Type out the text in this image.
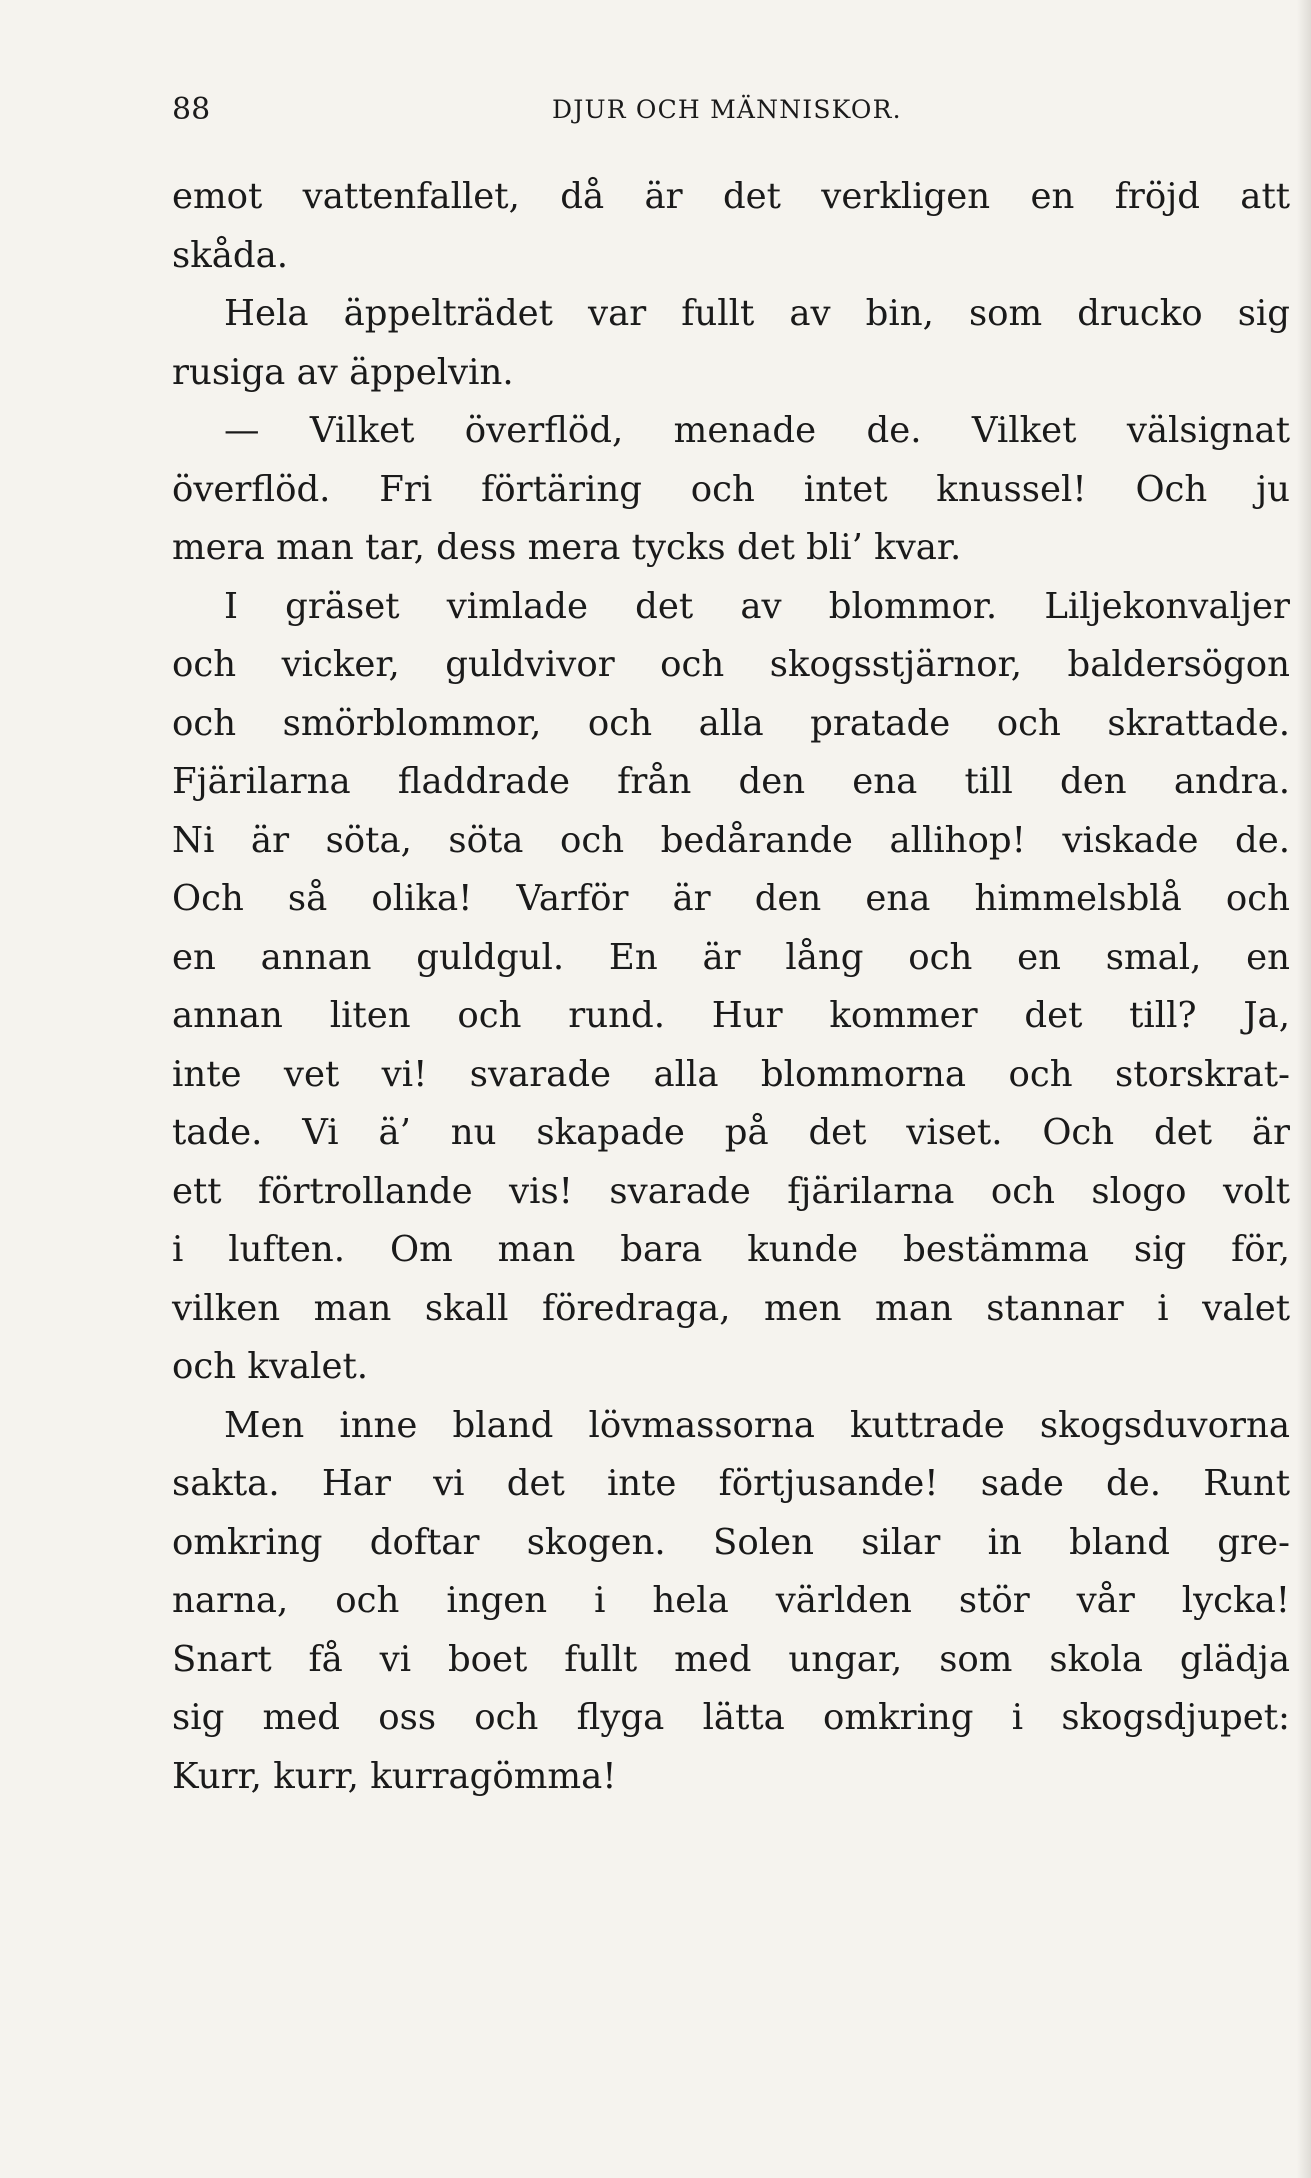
88	DJUR OCH MÄNNISKOR.
emot vattenfallet, då är det verkligen en fröjd att
skåda.
Hela äppelträdet var fullt av bin, som drucko sig
rusiga av äppelvin.
— Vilket överflöd, menade de. Vilket välsignat
överflöd. Fri förtäring och intet knussel! Och ju
mera man tar, dess mera tycks det bli’ kvar.
I gräset vimlade det av blommor. Liljekonvaljer
och vicker, guldvivor och skogsstjärnor, baldersögon
och smörblommor, och alla pratade och skrattade.
Fjärilarna fladdrade från den ena till den andra.
Ni är söta, söta och bedårande allihop! viskade de.
Och så olika! Varför är den ena himmelsblå och
en annan guldgul. En är lång och en smal, en
annan liten och rund. Hur kommer det till? Ja,
inte vet vi! svarade alla blommorna och storskrat-
tade. Vi ä’ nu skapade på det viset. Och det är
ett förtrollande vis! svarade fjärilarna och slogo volt
i luften. Om man bara kunde bestämma sig för,
vilken man skall föredraga, men man stannar i valet
och kvalet.
Men inne bland lövmassorna kuttrade skogsduvorna
sakta. Har vi det inte förtjusande! sade de. Runt
omkring doftar skogen. Solen silar in bland gre-
narna, och ingen i hela världen stör vår lycka!
Snart få vi boet fullt med ungar, som skola glädja
sig med oss och flyga lätta omkring i skogsdjupet:
Kurr, kurr, kurragömma!
